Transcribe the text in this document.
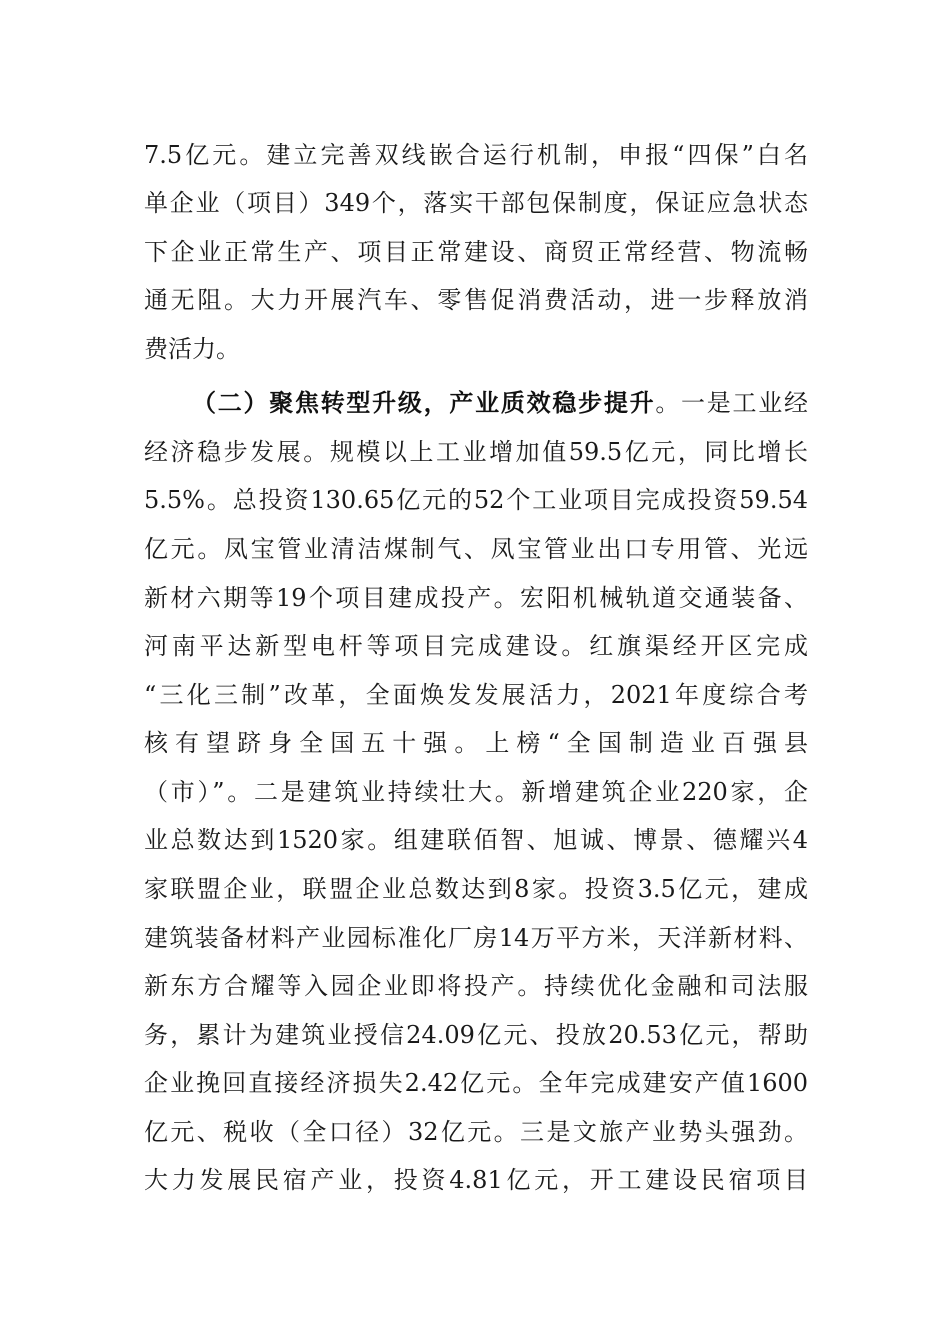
7.5亿元。建立完善双线嵌合运行机制，申报“四保”白名
单企业（项目）349个，落实干部包保制度，保证应急状态
下企业正常生产、项目正常建设、商贸正常经营、物流畅
通无阻。大力开展汽车、零售促消费活动，进一步释放消
费活力。
（二）聚焦转型升级，产业质效稳步提升。一是工业经
经济稳步发展。规模以上工业增加值59.5亿元，同比增长
5.5%。总投资130.65亿元的52个工业项目完成投资59.54
亿元。凤宝管业清洁煤制气、凤宝管业出口专用管、光远
新材六期等19个项目建成投产。宏阳机械轨道交通装备、
河南平达新型电杆等项目完成建设。红旗渠经开区完成
“三化三制”改革，全面焕发发展活力，2021年度综合考
核有望跻身全国五十强。上榜“全国制造业百强县
（市）”。二是建筑业持续壮大。新增建筑企业220家，企
业总数达到1520家。组建联佰智、旭诚、博景、德耀兴4
家联盟企业，联盟企业总数达到8家。投资3.5亿元，建成
建筑装备材料产业园标准化厂房14万平方米，天洋新材料、
新东方合耀等入园企业即将投产。持续优化金融和司法服
务，累计为建筑业授信24.09亿元、投放20.53亿元，帮助
企业挽回直接经济损失2.42亿元。全年完成建安产值1600
亿元、税收（全口径）32亿元。三是文旅产业势头强劲。
大力发展民宿产业，投资4.81亿元，开工建设民宿项目
